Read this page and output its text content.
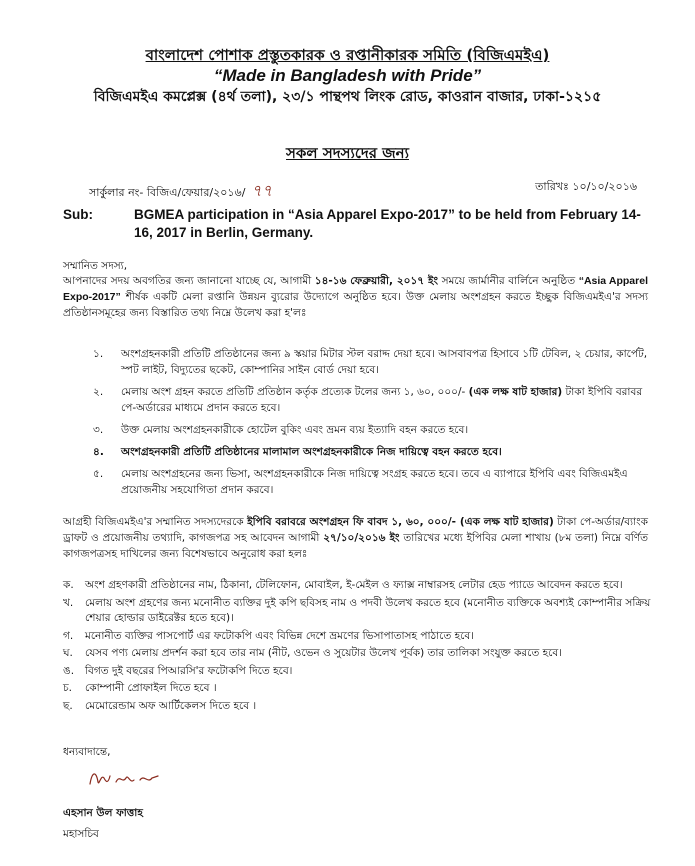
বাংলাদেশ পোশাক প্রস্তুতকারক ও রপ্তানীকারক সমিতি (বিজিএমইএ)
“Made in Bangladesh with Pride”
বিজিএমইএ কমপ্লেক্স (৪র্থ তলা), ২৩/১ পান্থপথ লিংক রোড, কাওরান বাজার, ঢাকা-১২১৫
সকল সদস্যদের জন্য
সার্কুলার নং- বিজিএ/ফেয়ার/২০১৬/ ৭৭	তারিখঃ ১০/১০/২০১৬
Sub:	BGMEA participation in “Asia Apparel Expo-2017” to be held from February 14-16, 2017 in Berlin, Germany.
সম্মানিত সদস্য,
আপনাদের সদয় অবগতির জন্য জানানো যাচ্ছে যে, আগামী ১৪-১৬ ফেব্রুয়ারী, ২০১৭ ইং সময়ে জার্মানীর বার্লিনে অনুষ্ঠিত “Asia Apparel Expo-2017” শীর্ষক একটি মেলা রপ্তানি উন্নয়ন ব্যুরোর উদ্যোগে অনুষ্ঠিত হবে। উক্ত মেলায় অংশগ্রহন করতে ইচ্ছুক বিজিএমইএ'র সদস্য প্রতিষ্ঠানসমূহের জন্য বিস্তারিত তথ্য নিম্নে উলেখ করা হ'লঃ
১. অংশগ্রহনকারী প্রতিটি প্রতিষ্ঠানের জন্য ৯ স্কয়ার মিটার স্টল বরাদ্দ দেয়া হবে। আসবাবপত্র হিসাবে ১টি টেবিল, ২ চেয়ার, কার্পেট, স্পট লাইট, বিদ্যুতের ছকেট, কোম্পানির সাইন বোর্ড দেয়া হবে।
২. মেলায় অংশ গ্রহন করতে প্রতিটি প্রতিষ্ঠান কর্তৃক প্রত্যেক টলের জন্য ১, ৬০, ০০০/- (এক লক্ষ ষাট হাজার) টাকা ইপিবি বরাবর পে-অর্ডারের মাধ্যমে প্রদান করতে হবে।
৩. উক্ত মেলায় অংশগ্রহনকারীকে হোটেল বুকিং এবং ভ্রমন ব্যয় ইত্যাদি বহন করতে হবে।
৪. অংশগ্রহনকারী প্রতিটি প্রতিষ্ঠানের মালামাল অংশগ্রহনকারীকে নিজ দায়িত্বে বহন করতে হবে।
৫. মেলায় অংশগ্রহনের জন্য ভিসা, অংশগ্রহনকারীকে নিজ দায়িত্বে সংগ্রহ করতে হবে। তবে এ ব্যাপারে ইপিবি এবং বিজিএমইএ প্রয়োজনীয় সহযোগিতা প্রদান করবে।
আগ্রহী বিজিএমইএ'র সম্মানিত সদস্যদেরকে ইপিবি বরাবরে অংশগ্রহন ফি বাবদ ১, ৬০, ০০০/- (এক লক্ষ ষাট হাজার) টাকা পে-অর্ডার/ব্যাংক ড্রাফট ও প্রয়োজনীয় তথ্যাদি, কাগজপত্র সহ আবেদন আগামী ২৭/১০/২০১৬ ইং তারিখের মধ্যে ইপিবির মেলা শাখায় (৮ম তলা) নিম্নে বর্ণিত কাগজপত্রসহ দাখিলের জন্য বিশেষভাবে অনুরোধ করা হলঃ
ক. অংশ গ্রহণকারী প্রতিষ্ঠানের নাম, ঠিকানা, টেলিফোন, মোবাইল, ই-মেইল ও ফ্যাক্স নাম্বারসহ লেটার হেড প্যাডে আবেদন করতে হবে।
খ. মেলায় অংশ গ্রহণের জন্য মনোনীত ব্যক্তির দুই কপি ছবিসহ নাম ও পদবী উলেখ করতে হবে (মনোনীত ব্যক্তিকে অবশ্যই কোম্পানীর সক্রিয় শেয়ার হোল্ডার ডাইরেক্টর হতে হবে)।
গ. মনোনীত ব্যক্তির পাসপোর্ট এর ফটোকপি এবং বিভিন্ন দেশে ভ্রমণের ভিসাপাতাসহ পাঠাতে হবে।
ঘ. যেসব পণ্য মেলায় প্রদর্শন করা হবে তার নাম (নীট, ওভেন ও সুয়েটার উলেখ পূর্বক) তার তালিকা সংযুক্ত করতে হবে।
ঙ. বিগত দুই বছরের পিআরসি'র ফটোকপি দিতে হবে।
চ. কোম্পানী প্রোফাইল দিতে হবে ।
ছ. মেমোরেন্ডাম অফ আর্টিকেলস দিতে হবে ।
ধন্যবাদান্তে,
এহসান উল ফাত্তাহ
মহাসচিব
